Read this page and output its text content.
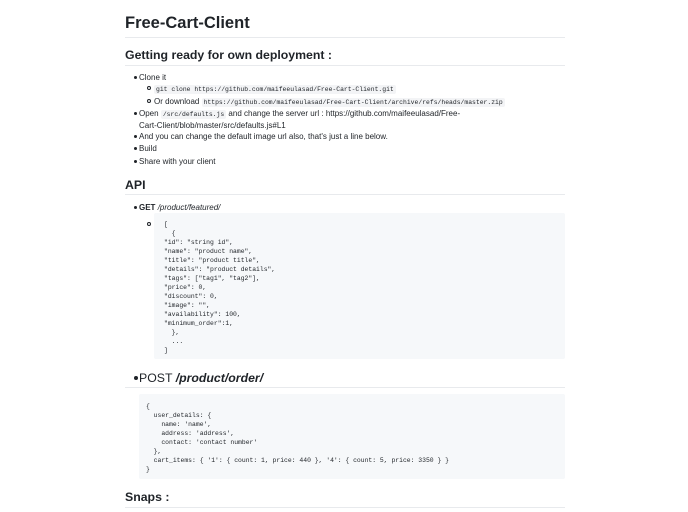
Free-Cart-Client
Getting ready for own deployment :
Clone it
git clone https://github.com/maifeeulasad/Free-Cart-Client.git
Or download https://github.com/maifeeulasad/Free-Cart-Client/archive/refs/heads/master.zip
Open /src/defaults.js and change the server url : https://github.com/maifeeulasad/Free-Cart-Client/blob/master/src/defaults.js#L1
And you can change the default image url also, that's just a line below.
Build
Share with your client
API
GET /product/featured/
[
{
"id": "string id",
"name": "product name",
"title": "product title",
"details": "product details",
"tags": ["tag1", "tag2"],
"price": 0,
"discount": 0,
"image": "",
"availability": 100,
"minimum_order":1,
},
...
]
POST /product/order/
{
user_details: {
name: 'name',
address: 'address',
contact: 'contact number'
},
cart_items: { '1': { count: 1, price: 440 }, '4': { count: 5, price: 3350 } }
}
Snaps :
